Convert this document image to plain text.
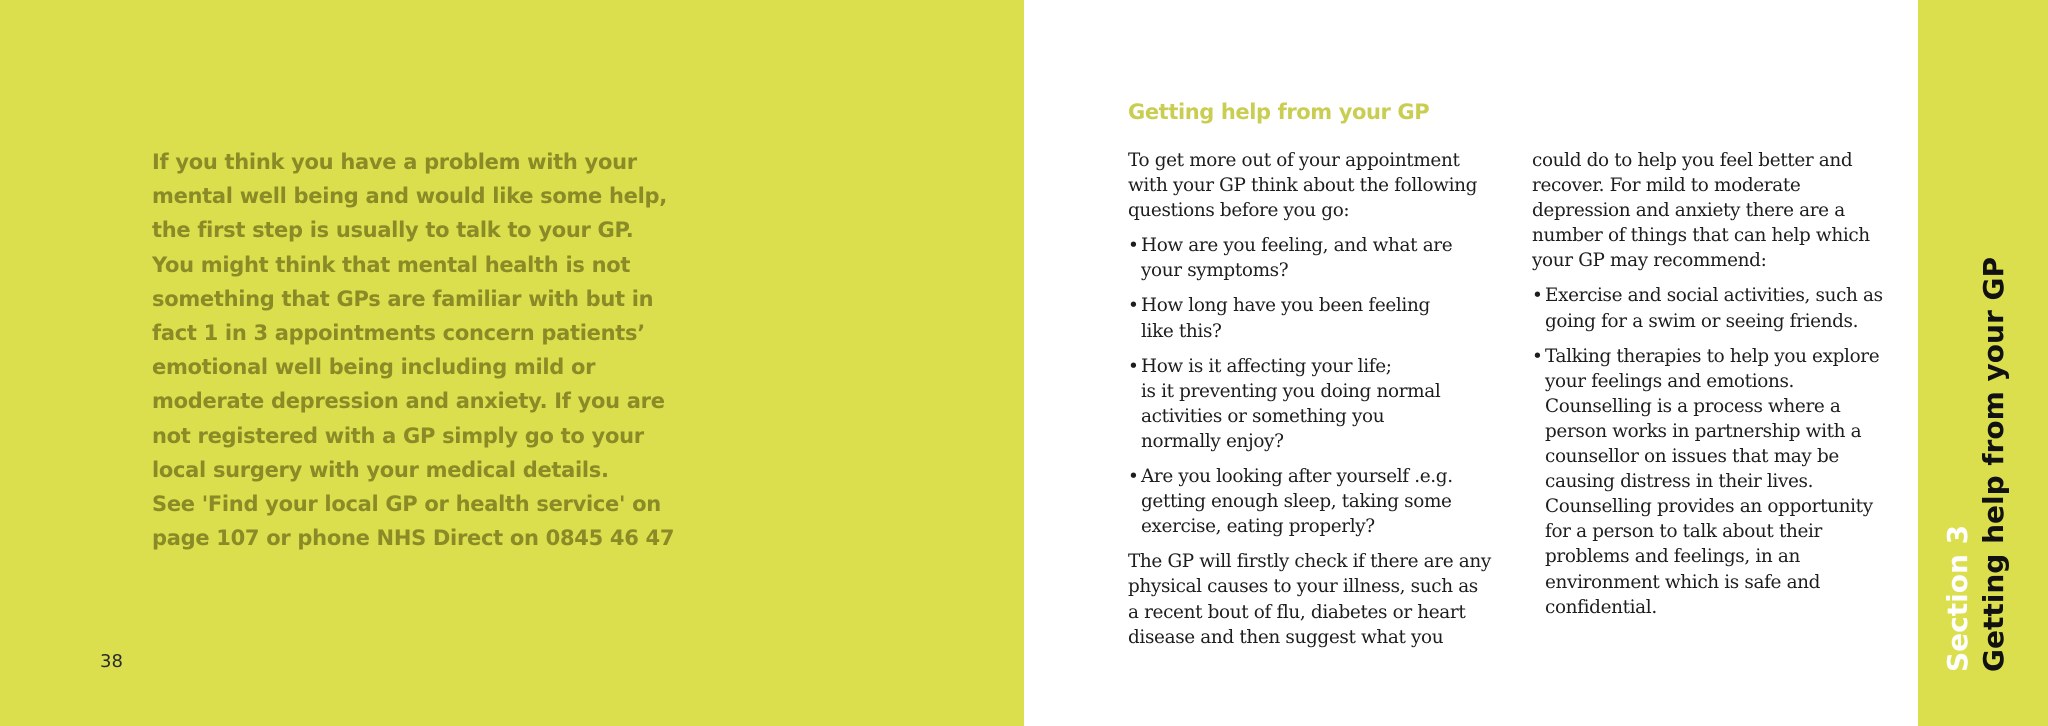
If you think you have a problem with your
mental well being and would like some help,
the first step is usually to talk to your GP.
You might think that mental health is not
something that GPs are familiar with but in
fact 1 in 3 appointments concern patients’
emotional well being including mild or
moderate depression and anxiety. If you are
not registered with a GP simply go to your
local surgery with your medical details.
See 'Find your local GP or health service' on
page 107 or phone NHS Direct on 0845 46 47
38
Getting help from your GP

To get more out of your appointment
with your GP think about the following
questions before you go:

• How are you feeling, and what are
your symptoms?
• How long have you been feeling
like this?
• How is it affecting your life;
is it preventing you doing normal
activities or something you
normally enjoy?
• Are you looking after yourself .e.g.
getting enough sleep, taking some
exercise, eating properly?

The GP will firstly check if there are any
physical causes to your illness, such as
a recent bout of flu, diabetes or heart
disease and then suggest what you

could do to help you feel better and
recover. For mild to moderate
depression and anxiety there are a
number of things that can help which
your GP may recommend:

• Exercise and social activities, such as
going for a swim or seeing friends.
• Talking therapies to help you explore
your feelings and emotions.
Counselling is a process where a
person works in partnership with a
counsellor on issues that may be
causing distress in their lives.
Counselling provides an opportunity
for a person to talk about their
problems and feelings, in an
environment which is safe and
confidential.	Section 3 Getting help from your GP
